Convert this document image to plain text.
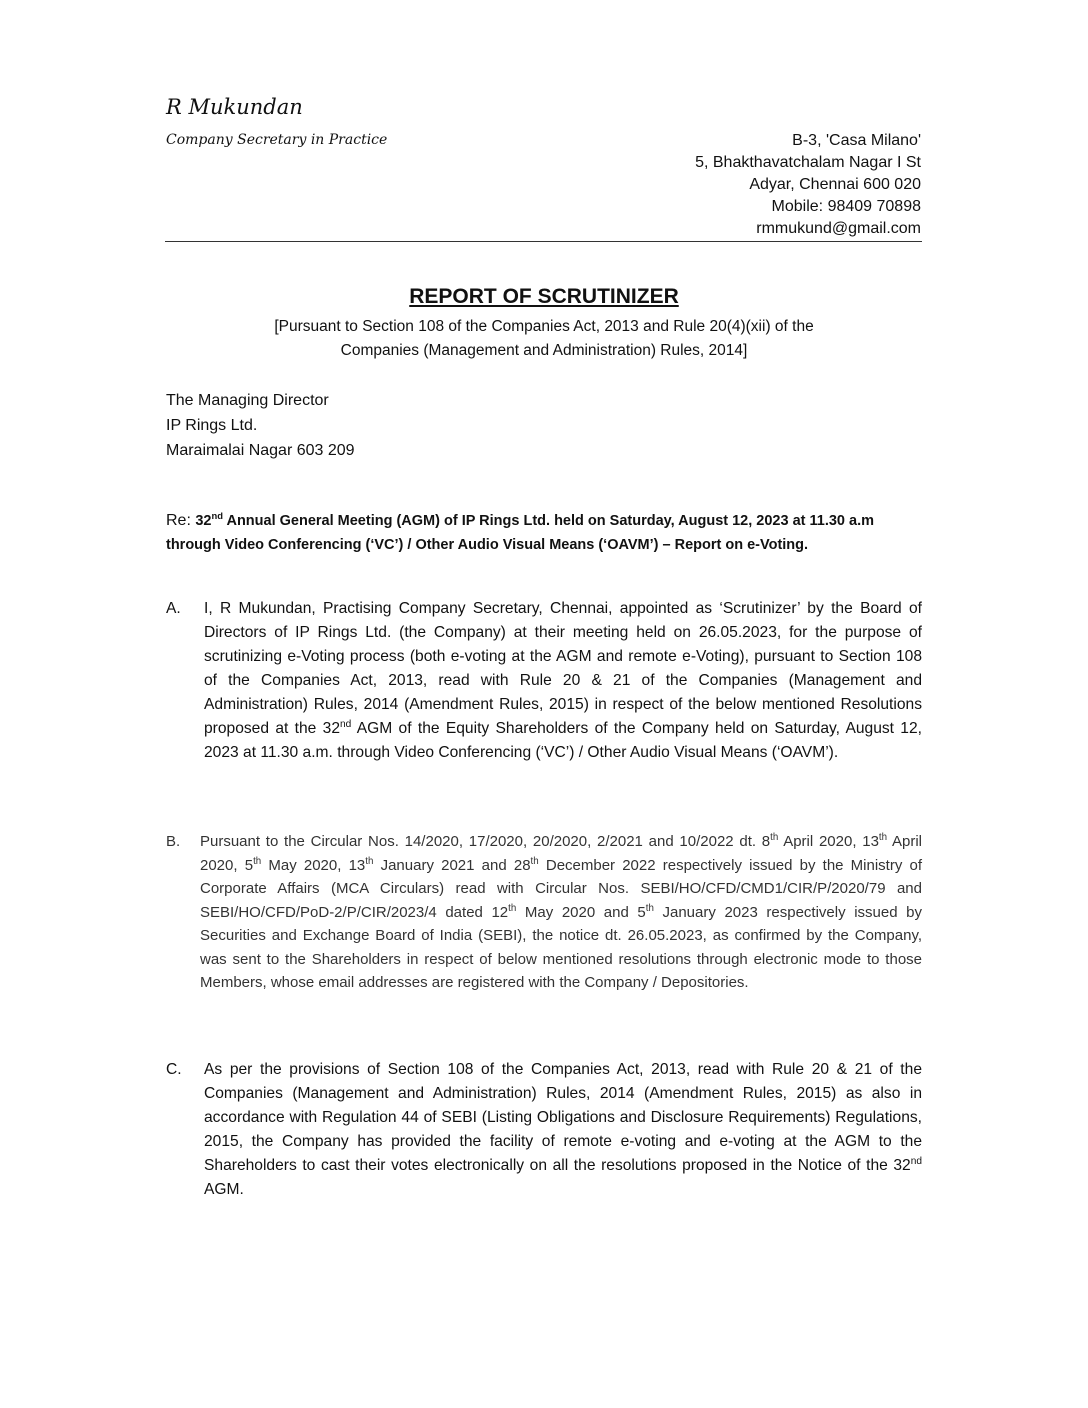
R Mukundan
Company Secretary in Practice	B-3, 'Casa Milano'
5, Bhakthavatchalam Nagar I St
Adyar, Chennai 600 020
Mobile: 98409 70898
rmmukund@gmail.com
REPORT OF SCRUTINIZER
[Pursuant to Section 108 of the Companies Act, 2013 and Rule 20(4)(xii) of the
Companies (Management and Administration) Rules, 2014]
The Managing Director
IP Rings Ltd.
Maraimalai Nagar 603 209
Re: 32nd Annual General Meeting (AGM) of IP Rings Ltd. held on Saturday, August 12, 2023 at 11.30 a.m through Video Conferencing (‘VC’) / Other Audio Visual Means (‘OAVM’) – Report on e-Voting.
A. I, R Mukundan, Practising Company Secretary, Chennai, appointed as ‘Scrutinizer’ by the Board of Directors of IP Rings Ltd. (the Company) at their meeting held on 26.05.2023, for the purpose of scrutinizing e-Voting process (both e-voting at the AGM and remote e-Voting), pursuant to Section 108 of the Companies Act, 2013, read with Rule 20 & 21 of the Companies (Management and Administration) Rules, 2014 (Amendment Rules, 2015) in respect of the below mentioned Resolutions proposed at the 32nd AGM of the Equity Shareholders of the Company held on Saturday, August 12, 2023 at 11.30 a.m. through Video Conferencing (‘VC’) / Other Audio Visual Means (‘OAVM’).
B. Pursuant to the Circular Nos. 14/2020, 17/2020, 20/2020, 2/2021 and 10/2022 dt. 8th April 2020, 13th April 2020, 5th May 2020, 13th January 2021 and 28th December 2022 respectively issued by the Ministry of Corporate Affairs (MCA Circulars) read with Circular Nos. SEBI/HO/CFD/CMD1/CIR/P/2020/79 and SEBI/HO/CFD/PoD-2/P/CIR/2023/4 dated 12th May 2020 and 5th January 2023 respectively issued by Securities and Exchange Board of India (SEBI), the notice dt. 26.05.2023, as confirmed by the Company, was sent to the Shareholders in respect of below mentioned resolutions through electronic mode to those Members, whose email addresses are registered with the Company / Depositories.
C. As per the provisions of Section 108 of the Companies Act, 2013, read with Rule 20 & 21 of the Companies (Management and Administration) Rules, 2014 (Amendment Rules, 2015) as also in accordance with Regulation 44 of SEBI (Listing Obligations and Disclosure Requirements) Regulations, 2015, the Company has provided the facility of remote e-voting and e-voting at the AGM to the Shareholders to cast their votes electronically on all the resolutions proposed in the Notice of the 32nd AGM.
